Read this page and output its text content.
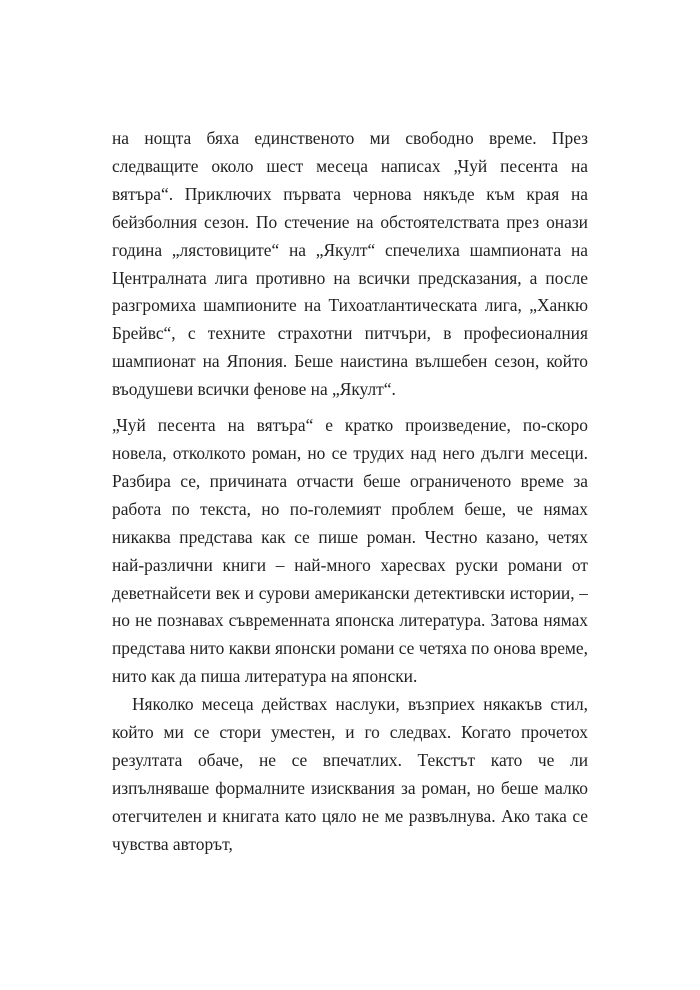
на нощта бяха единственото ми свободно време. През следващите около шест месеца написах „Чуй песента на вятъра“. Приключих първата чернова някъде към края на бейзболния сезон. По стечение на обстоятелствата през онази година „лястовиците“ на „Якулт“ спечелиха шампионата на Централната лига противно на всички предсказания, а после разгромиха шампионите на Тихоатлантическата лига, „Ханкю Брейвс“, с техните страхотни питчъри, в професионалния шампионат на Япония. Беше наистина вълшебен сезон, който въодушеви всички фенове на „Якулт“.

„Чуй песента на вятъра“ е кратко произведение, по-скоро новела, отколкото роман, но се трудих над него дълги месеци. Разбира се, причината отчасти беше ограниченото време за работа по текста, но по-големият проблем беше, че нямах никаква представа как се пише роман. Честно казано, четях най-различни книги – най-много харесвах руски романи от деветнайсети век и сурови американски детективски истории, – но не познавах съвременната японска литература. Затова нямах представа нито какви японски романи се четяха по онова време, нито как да пиша литература на японски.

Няколко месеца действах наслуки, възприех някакъв стил, който ми се стори уместен, и го следвах. Когато прочетох резултата обаче, не се впечатлих. Текстът като че ли изпълняваше формалните изисквания за роман, но беше малко отегчителен и книгата като цяло не ме развълнува. Ако така се чувства авторът,
